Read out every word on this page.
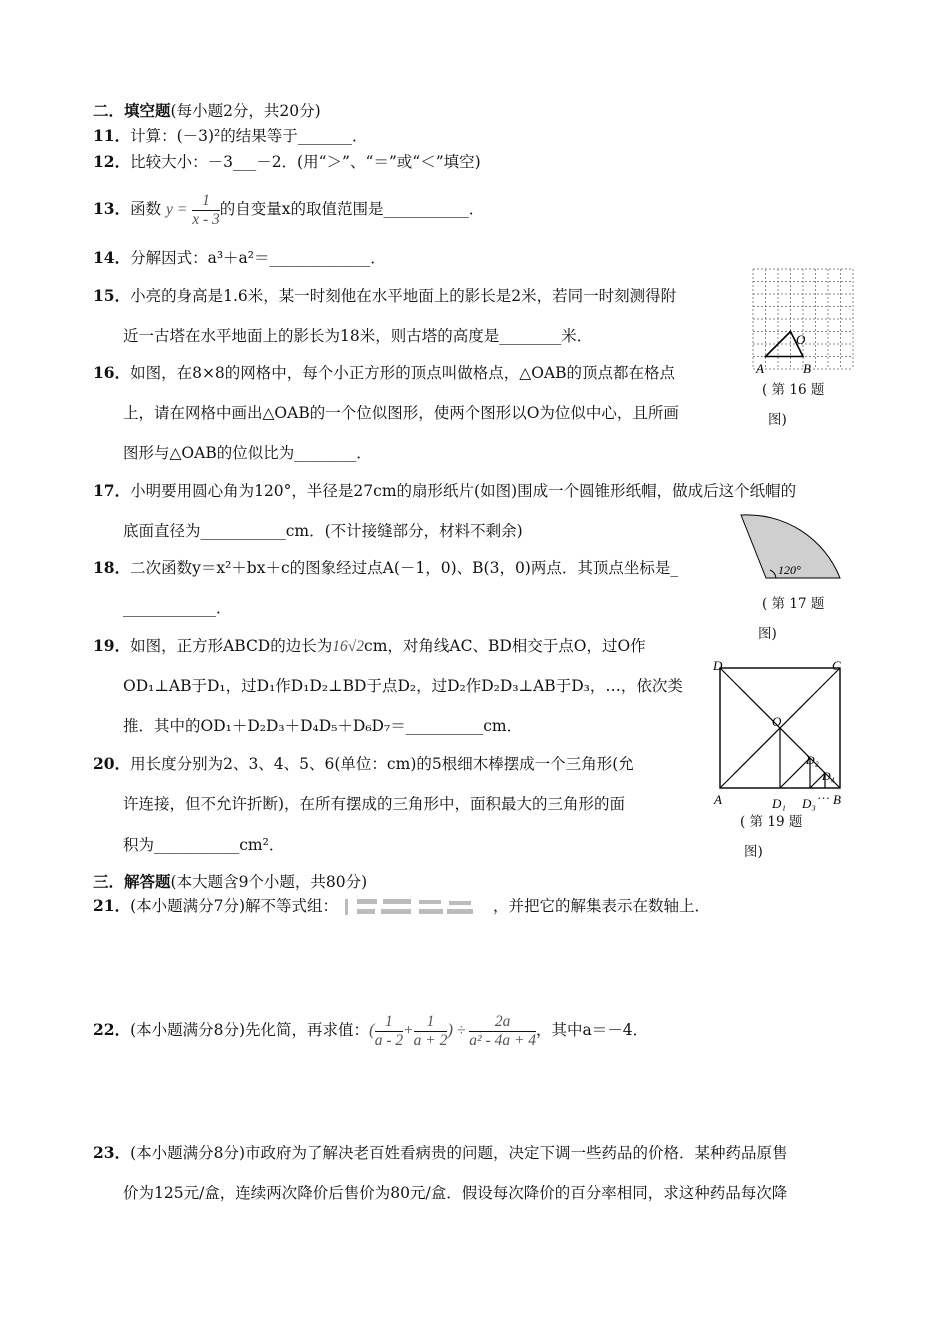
二．填空题(每小题2分，共20分)
11．计算：(－3)²的结果等于_______．
12．比较大小：－3___－2．(用“＞”、“＝”或“＜”填空)
13．函数 $y = \frac{1}{x - 3}$ 的自变量x的取值范围是___________．
14．分解因式：a³＋a²＝_____________．
15．小亮的身高是1.6米，某一时刻他在水平地面上的影长是2米，若同一时刻测得附
近一古塔在水平地面上的影长为18米，则古塔的高度是________米．
16．如图，在8×8的网格中，每个小正方形的顶点叫做格点，△OAB的顶点都在格点
上，请在网格中画出△OAB的一个位似图形，使两个图形以O为位似中心，且所画
图形与△OAB的位似比为________．
O
A	B
( 第 16 题
图)
17．小明要用圆心角为120°，半径是27cm的扇形纸片(如图)围成一个圆锥形纸帽，做成后这个纸帽的
底面直径为___________cm．(不计接缝部分，材料不剩余)
120°
( 第 17 题
图)
18．二次函数y＝x²＋bx＋c的图象经过点A(－1，0)、B(3，0)两点．其顶点坐标是_
____________．
19．如图，正方形ABCD的边长为16√2cm，对角线AC、BD相交于点O，过O作
OD₁⊥AB于D₁，过D₁作D₁D₂⊥BD于点D₂，过D₂作D₂D₃⊥AB于D₃，…，依次类
推．其中的OD₁＋D₂D₃＋D₄D₅＋D₆D₇＝__________cm．
D	C
O
A	B
D₁
D₂
D₃
D₄
…
( 第 19 题
图)
20．用长度分别为2、3、4、5、6(单位：cm)的5根细木棒摆成一个三角形(允
许连接，但不允许折断)，在所有摆成的三角形中，面积最大的三角形的面
积为___________cm²．
三．解答题(本大题含9个小题，共80分)
21．(本小题满分7分)解不等式组：	，并把它的解集表示在数轴上．
22．(本小题满分8分)先化简，再求值：( $\frac{1}{a - 2} + \frac{1}{a + 2}$ ) ÷ $\frac{2a}{\text{a² - 4a + 4}}$ ，其中a＝－4．
23．(本小题满分8分)市政府为了解决老百姓看病贵的问题，决定下调一些药品的价格．某种药品原售
价为125元/盒，连续两次降价后售价为80元/盒．假设每次降价的百分率相同，求这种药品每次降
